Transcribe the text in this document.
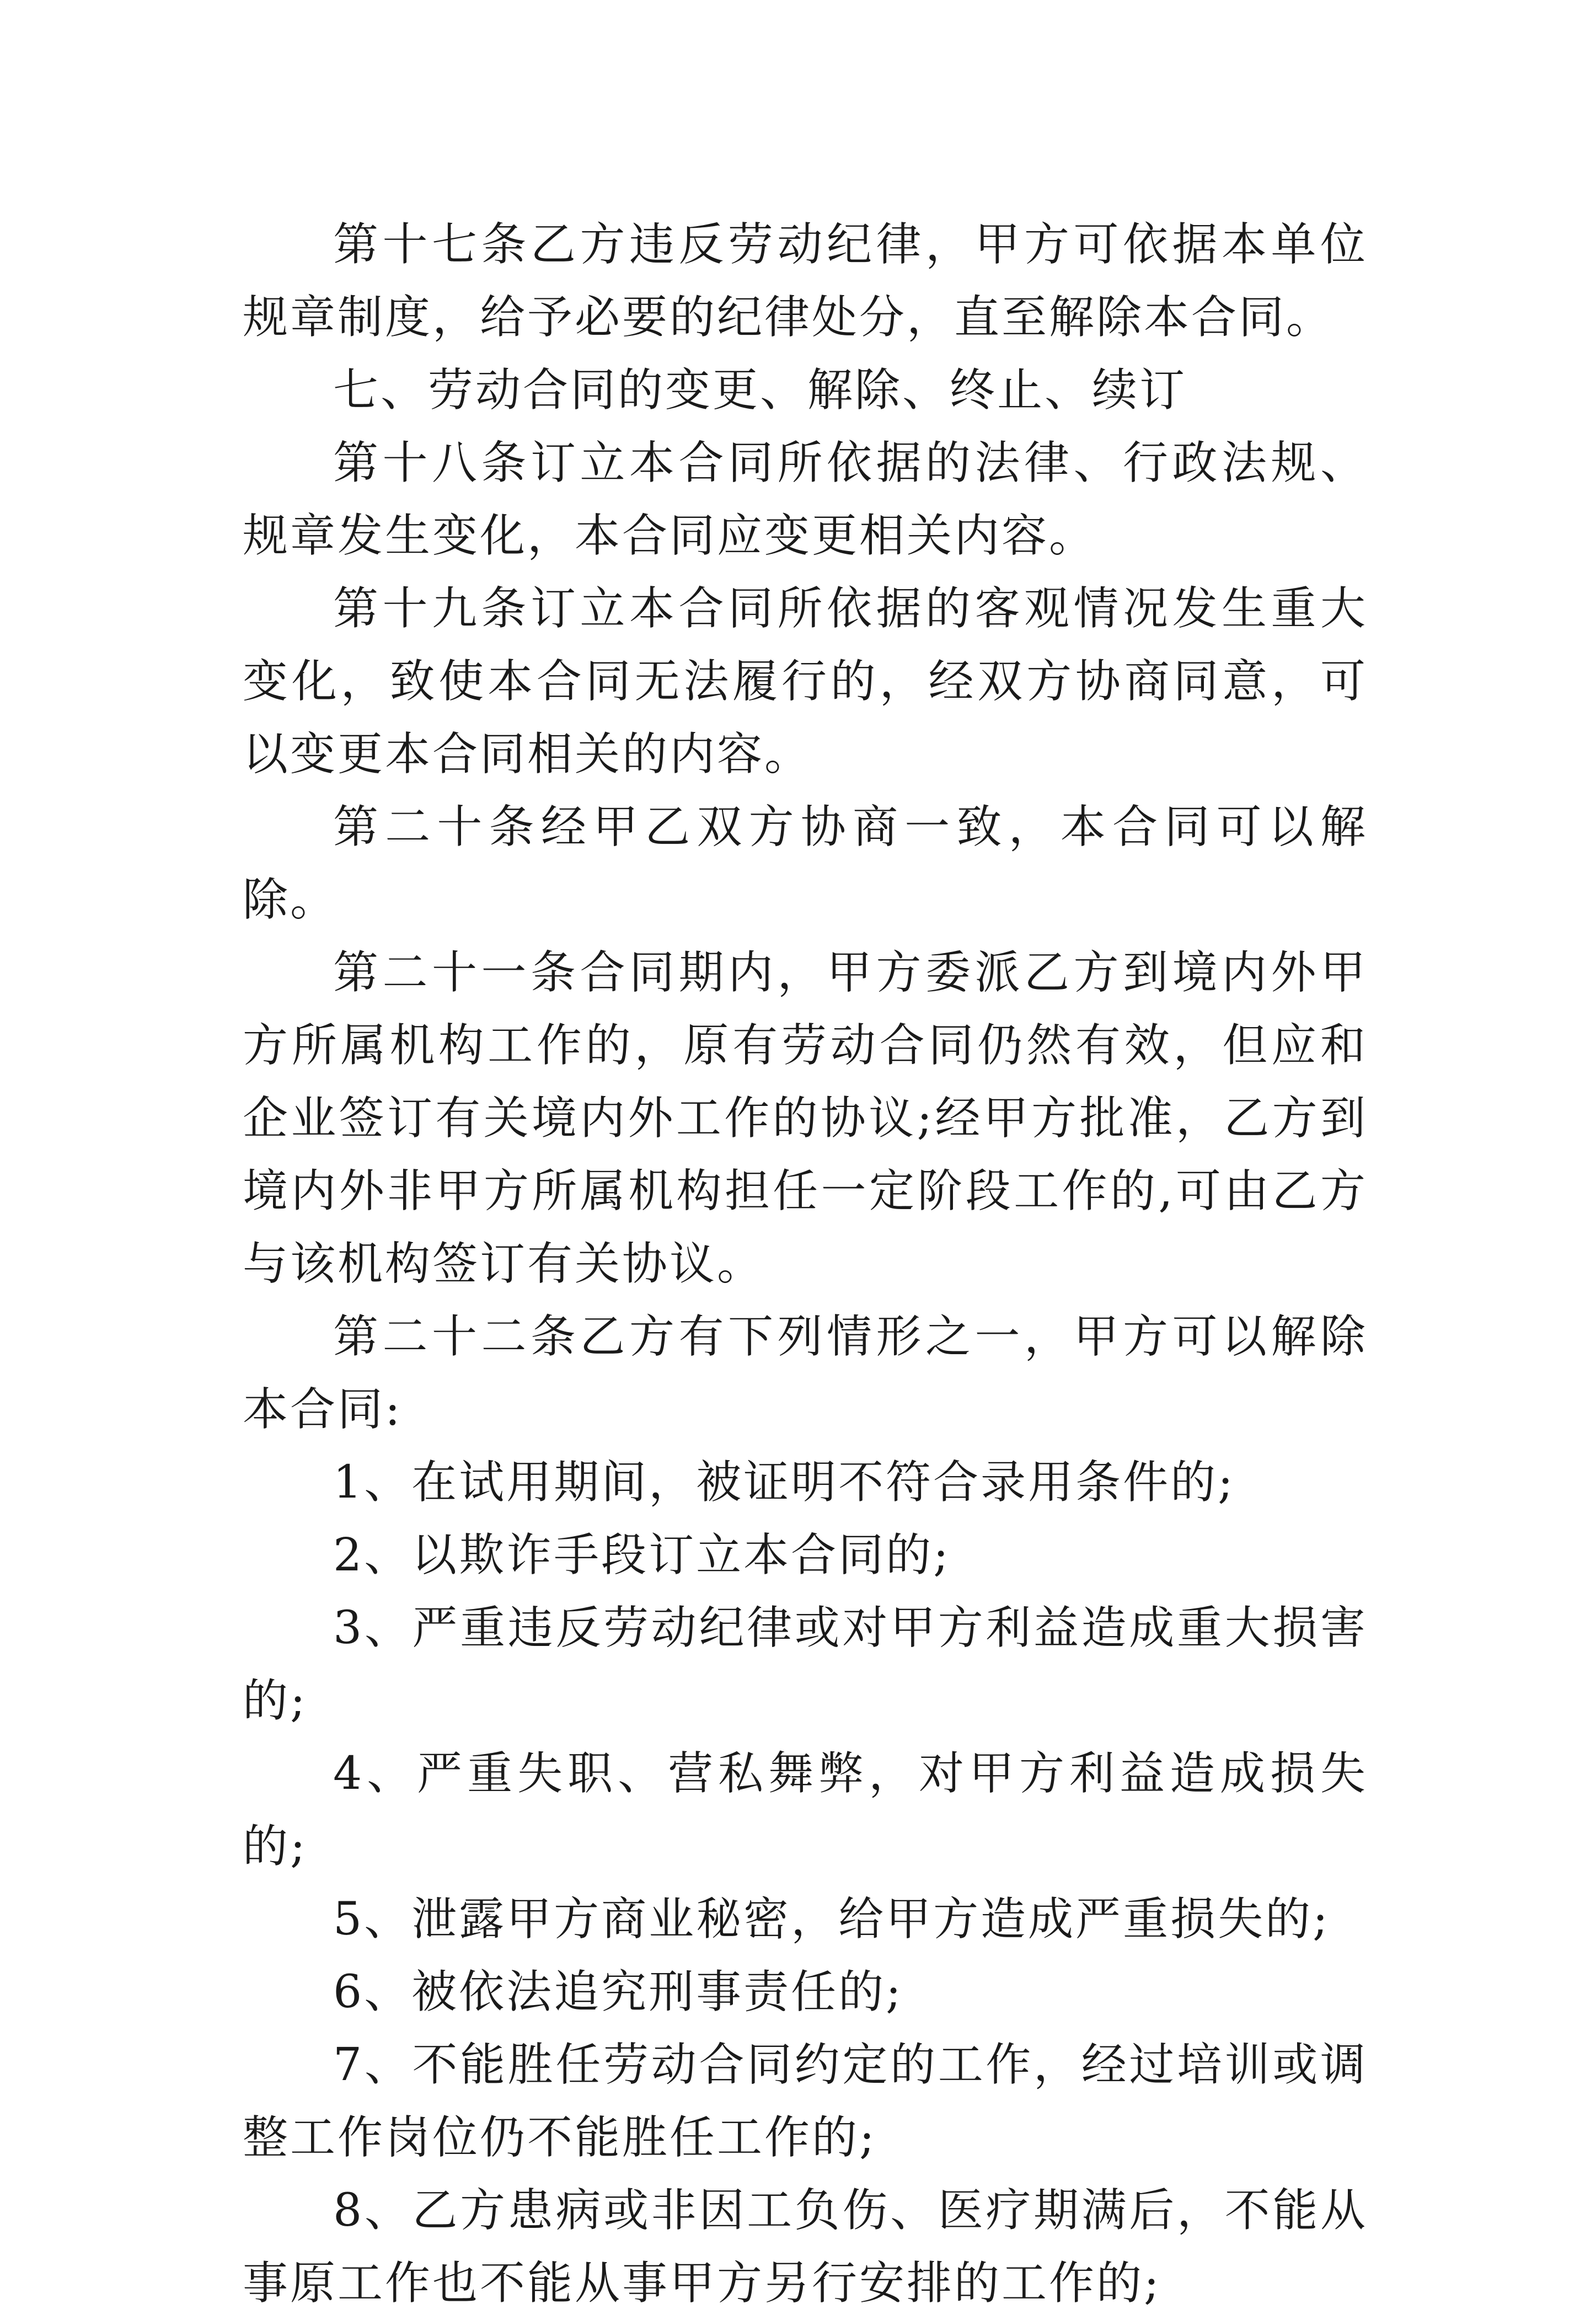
第十七条乙方违反劳动纪律，甲方可依据本单位规章制度，给予必要的纪律处分，直至解除本合同。

七、劳动合同的变更、解除、终止、续订

第十八条订立本合同所依据的法律、行政法规、规章发生变化，本合同应变更相关内容。

第十九条订立本合同所依据的客观情况发生重大变化，致使本合同无法履行的，经双方协商同意，可以变更本合同相关的内容。

第二十条经甲乙双方协商一致，本合同可以解除。

第二十一条合同期内，甲方委派乙方到境内外甲方所属机构工作的，原有劳动合同仍然有效，但应和企业签订有关境内外工作的协议;经甲方批准，乙方到境内外非甲方所属机构担任一定阶段工作的,可由乙方与该机构签订有关协议。

第二十二条乙方有下列情形之一，甲方可以解除本合同:

1、在试用期间，被证明不符合录用条件的;

2、以欺诈手段订立本合同的;

3、严重违反劳动纪律或对甲方利益造成重大损害的;

4、严重失职、营私舞弊，对甲方利益造成损失的;

5、泄露甲方商业秘密，给甲方造成严重损失的;

6、被依法追究刑事责任的;

7、不能胜任劳动合同约定的工作，经过培训或调整工作岗位仍不能胜任工作的;

8、乙方患病或非因工负伤、医疗期满后，不能从事原工作也不能从事甲方另行安排的工作的;
